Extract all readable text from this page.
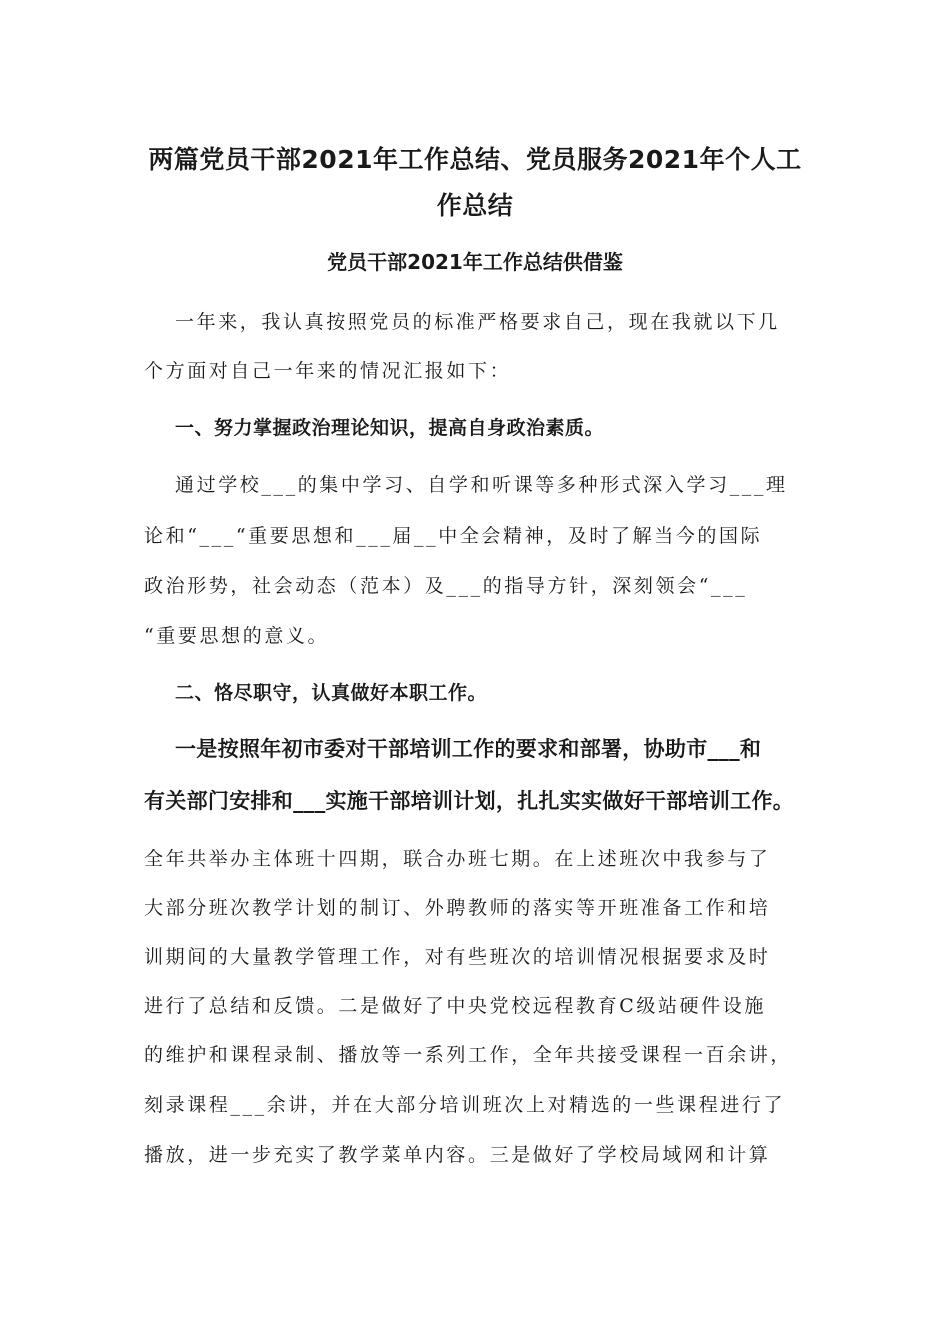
两篇党员干部2021年工作总结、党员服务2021年个人工
作总结
党员干部2021年工作总结供借鉴
一年来，我认真按照党员的标准严格要求自己，现在我就以下几
个方面对自己一年来的情况汇报如下：
一、努力掌握政治理论知识，提高自身政治素质。
通过学校___的集中学习、自学和听课等多种形式深入学习___理
论和“___“重要思想和___届__中全会精神，及时了解当今的国际
政治形势，社会动态（范本）及___的指导方针，深刻领会“___
“重要思想的意义。
二、恪尽职守，认真做好本职工作。
一是按照年初市委对干部培训工作的要求和部署，协助市___和
有关部门安排和___实施干部培训计划，扎扎实实做好干部培训工作。
全年共举办主体班十四期，联合办班七期。在上述班次中我参与了
大部分班次教学计划的制订、外聘教师的落实等开班准备工作和培
训期间的大量教学管理工作，对有些班次的培训情况根据要求及时
进行了总结和反馈。二是做好了中央党校远程教育C级站硬件设施
的维护和课程录制、播放等一系列工作，全年共接受课程一百余讲，
刻录课程___余讲，并在大部分培训班次上对精选的一些课程进行了
播放，进一步充实了教学菜单内容。三是做好了学校局域网和计算
